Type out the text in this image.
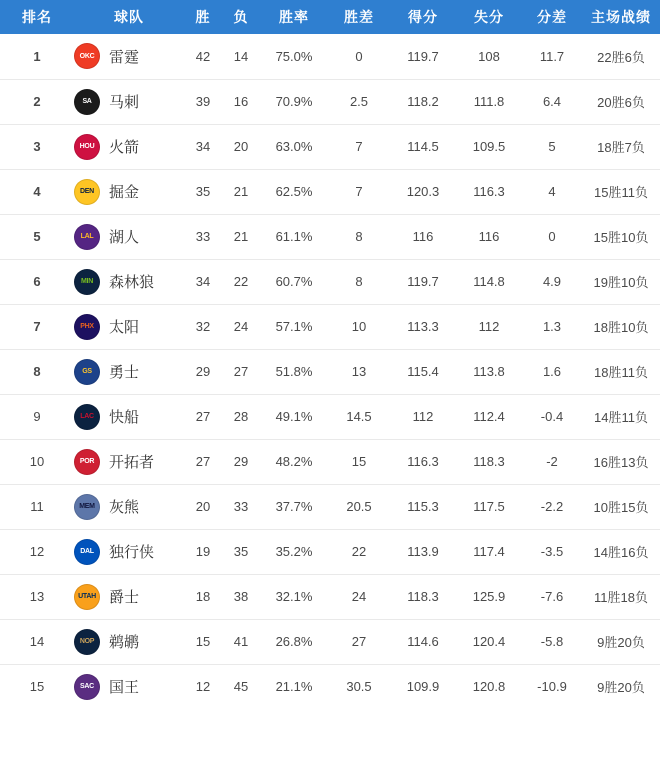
排名	球队	胜	负	胜率	胜差	得分	失分	分差	主场战绩
1	OKC 雷霆	42	14	75.0%	0	119.7	108	11.7	22胜6负
2	SA 马刺	39	16	70.9%	2.5	118.2	111.8	6.4	20胜6负
3	HOU 火箭	34	20	63.0%	7	114.5	109.5	5	18胜7负
4	DEN 掘金	35	21	62.5%	7	120.3	116.3	4	15胜11负
5	LAL 湖人	33	21	61.1%	8	116	116	0	15胜10负
6	MIN 森林狼	34	22	60.7%	8	119.7	114.8	4.9	19胜10负
7	PHX 太阳	32	24	57.1%	10	113.3	112	1.3	18胜10负
8	GS 勇士	29	27	51.8%	13	115.4	113.8	1.6	18胜11负
9	LAC 快船	27	28	49.1%	14.5	112	112.4	-0.4	14胜11负
10	POR 开拓者	27	29	48.2%	15	116.3	118.3	-2	16胜13负
11	MEM 灰熊	20	33	37.7%	20.5	115.3	117.5	-2.2	10胜15负
12	DAL 独行侠	19	35	35.2%	22	113.9	117.4	-3.5	14胜16负
13	UTAH 爵士	18	38	32.1%	24	118.3	125.9	-7.6	11胜18负
14	NOP 鹈鹕	15	41	26.8%	27	114.6	120.4	-5.8	9胜20负
15	SAC 国王	12	45	21.1%	30.5	109.9	120.8	-10.9	9胜20负
